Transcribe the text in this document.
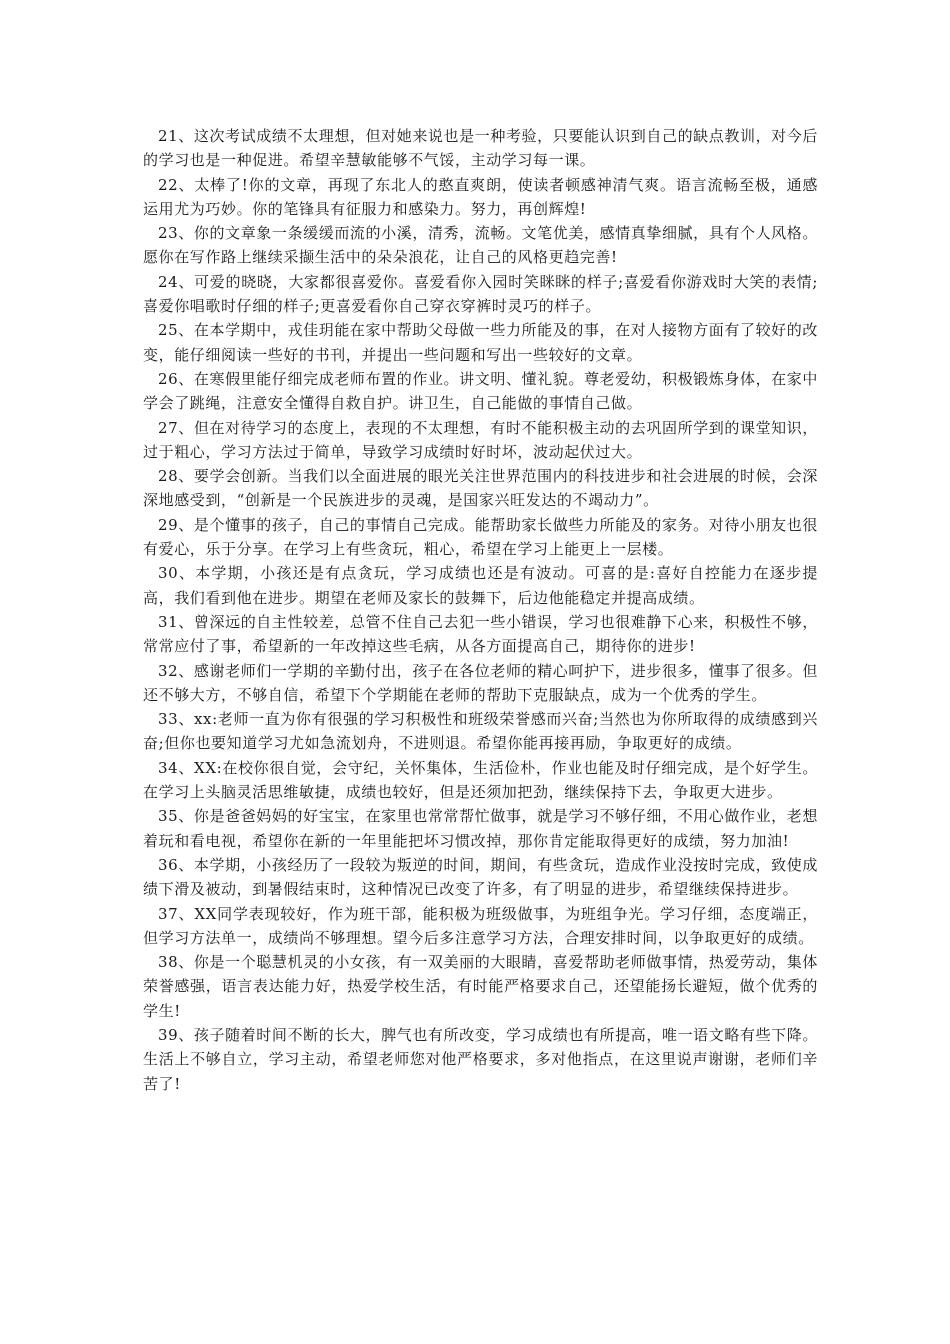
21、这次考试成绩不太理想，但对她来说也是一种考验，只要能认识到自己的缺点教训，对今后的学习也是一种促进。希望辛慧敏能够不气馁，主动学习每一课。

22、太棒了!你的文章，再现了东北人的憨直爽朗，使读者顿感神清气爽。语言流畅至极，通感运用尤为巧妙。你的笔锋具有征服力和感染力。努力，再创辉煌!

23、你的文章象一条缓缓而流的小溪，清秀，流畅。文笔优美，感情真挚细腻，具有个人风格。愿你在写作路上继续采撷生活中的朵朵浪花，让自己的风格更趋完善!

24、可爱的晓晓，大家都很喜爱你。喜爱看你入园时笑眯眯的样子;喜爱看你游戏时大笑的表情;喜爱你唱歌时仔细的样子;更喜爱看你自己穿衣穿裤时灵巧的样子。

25、在本学期中，戎佳玥能在家中帮助父母做一些力所能及的事，在对人接物方面有了较好的改变，能仔细阅读一些好的书刊，并提出一些问题和写出一些较好的文章。

26、在寒假里能仔细完成老师布置的作业。讲文明、懂礼貌。尊老爱幼，积极锻炼身体，在家中学会了跳绳，注意安全懂得自救自护。讲卫生，自己能做的事情自己做。

27、但在对待学习的态度上，表现的不太理想，有时不能积极主动的去巩固所学到的课堂知识，过于粗心，学习方法过于简单，导致学习成绩时好时坏，波动起伏过大。

28、要学会创新。当我们以全面进展的眼光关注世界范围内的科技进步和社会进展的时候，会深深地感受到，“创新是一个民族进步的灵魂，是国家兴旺发达的不竭动力”。

29、是个懂事的孩子，自己的事情自己完成。能帮助家长做些力所能及的家务。对待小朋友也很有爱心，乐于分享。在学习上有些贪玩，粗心，希望在学习上能更上一层楼。

30、本学期，小孩还是有点贪玩，学习成绩也还是有波动。可喜的是:喜好自控能力在逐步提高，我们看到他在进步。期望在老师及家长的鼓舞下，后边他能稳定并提高成绩。

31、曾深远的自主性较差，总管不住自己去犯一些小错误，学习也很难静下心来，积极性不够，常常应付了事，希望新的一年改掉这些毛病，从各方面提高自己，期待你的进步!

32、感谢老师们一学期的辛勤付出，孩子在各位老师的精心呵护下，进步很多，懂事了很多。但还不够大方，不够自信，希望下个学期能在老师的帮助下克服缺点，成为一个优秀的学生。

33、xx:老师一直为你有很强的学习积极性和班级荣誉感而兴奋;当然也为你所取得的成绩感到兴奋;但你也要知道学习尤如急流划舟，不进则退。希望你能再接再励，争取更好的成绩。

34、XX:在校你很自觉，会守纪，关怀集体，生活俭朴，作业也能及时仔细完成，是个好学生。在学习上头脑灵活思维敏捷，成绩也较好，但是还须加把劲，继续保持下去，争取更大进步。

35、你是爸爸妈妈的好宝宝，在家里也常常帮忙做事，就是学习不够仔细，不用心做作业，老想着玩和看电视，希望你在新的一年里能把坏习惯改掉，那你肯定能取得更好的成绩，努力加油!

36、本学期，小孩经历了一段较为叛逆的时间，期间，有些贪玩，造成作业没按时完成，致使成绩下滑及被动，到暑假结束时，这种情况已改变了许多，有了明显的进步，希望继续保持进步。

37、XX同学表现较好，作为班干部，能积极为班级做事，为班组争光。学习仔细，态度端正，但学习方法单一，成绩尚不够理想。望今后多注意学习方法，合理安排时间，以争取更好的成绩。

38、你是一个聪慧机灵的小女孩，有一双美丽的大眼睛，喜爱帮助老师做事情，热爱劳动，集体荣誉感强，语言表达能力好，热爱学校生活，有时能严格要求自己，还望能扬长避短，做个优秀的学生!

39、孩子随着时间不断的长大，脾气也有所改变，学习成绩也有所提高，唯一语文略有些下降。生活上不够自立，学习主动，希望老师您对他严格要求，多对他指点，在这里说声谢谢，老师们辛苦了!
